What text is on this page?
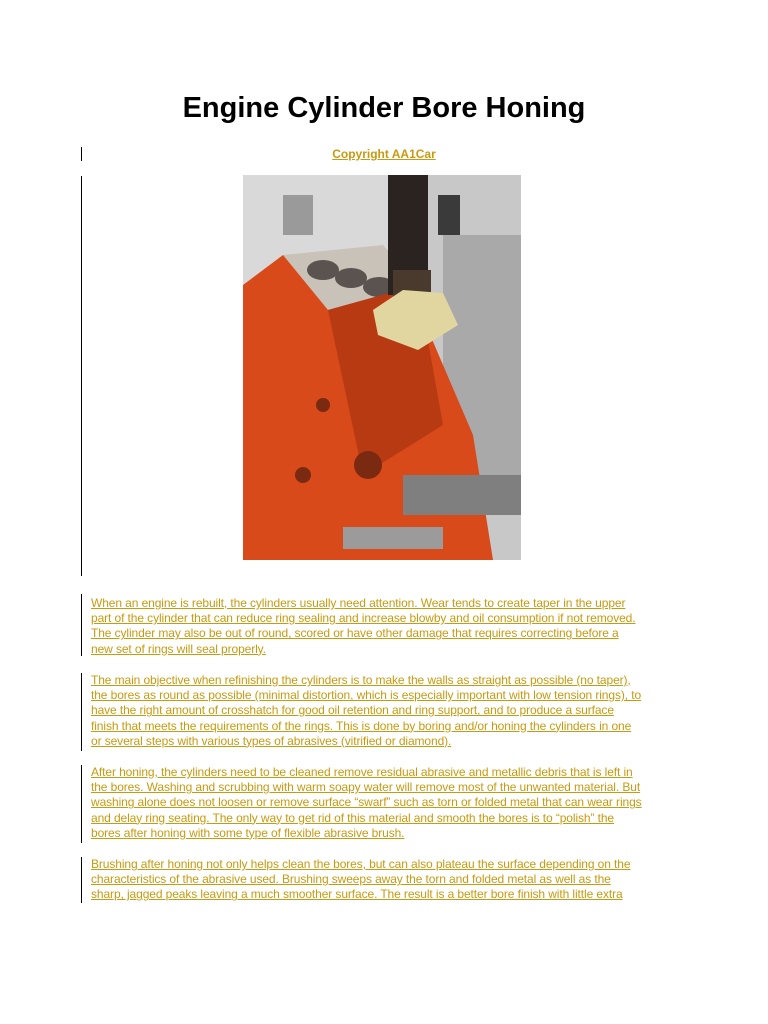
Engine Cylinder Bore Honing
Copyright AA1Car

When an engine is rebuilt, the cylinders usually need attention. Wear tends to create taper in the upper
part of the cylinder that can reduce ring sealing and increase blowby and oil consumption if not removed.
The cylinder may also be out of round, scored or have other damage that requires correcting before a
new set of rings will seal properly.

The main objective when refinishing the cylinders is to make the walls as straight as possible (no taper),
the bores as round as possible (minimal distortion, which is especially important with low tension rings), to
have the right amount of crosshatch for good oil retention and ring support, and to produce a surface
finish that meets the requirements of the rings. This is done by boring and/or honing the cylinders in one
or several steps with various types of abrasives (vitrified or diamond).

After honing, the cylinders need to be cleaned remove residual abrasive and metallic debris that is left in
the bores. Washing and scrubbing with warm soapy water will remove most of the unwanted material. But
washing alone does not loosen or remove surface “swarf” such as torn or folded metal that can wear rings
and delay ring seating. The only way to get rid of this material and smooth the bores is to “polish” the
bores after honing with some type of flexible abrasive brush.

Brushing after honing not only helps clean the bores, but can also plateau the surface depending on the
characteristics of the abrasive used. Brushing sweeps away the torn and folded metal as well as the
sharp, jagged peaks leaving a much smoother surface. The result is a better bore finish with little extra
